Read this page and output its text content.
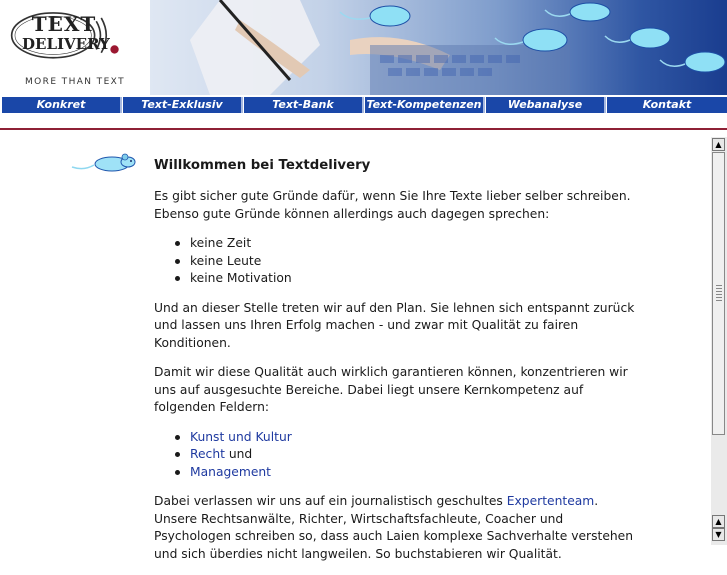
TEXT
DELIVERY
MORE THAN TEXT
Konkret	Text-Exklusiv	Text-Bank	Text-Kompetenzen	Webanalyse	Kontakt
Willkommen bei Textdelivery

Es gibt sicher gute Gründe dafür, wenn Sie Ihre Texte lieber selber schreiben. Ebenso gute Gründe können allerdings auch dagegen sprechen:

keine Zeit
keine Leute
keine Motivation

Und an dieser Stelle treten wir auf den Plan. Sie lehnen sich entspannt zurück und lassen uns Ihren Erfolg machen - und zwar mit Qualität zu fairen Konditionen.

Damit wir diese Qualität auch wirklich garantieren können, konzentrieren wir uns auf ausgesuchte Bereiche. Dabei liegt unsere Kernkompetenz auf folgenden Feldern:

Kunst und Kultur
Recht und
Management

Dabei verlassen wir uns auf ein journalistisch geschultes Expertenteam. Unsere Rechtsanwälte, Richter, Wirtschaftsfachleute, Coacher und Psychologen schreiben so, dass auch Laien komplexe Sachverhalte verstehen und sich überdies nicht langweilen. So buchstabieren wir Qualität.

▲
▲
▼
